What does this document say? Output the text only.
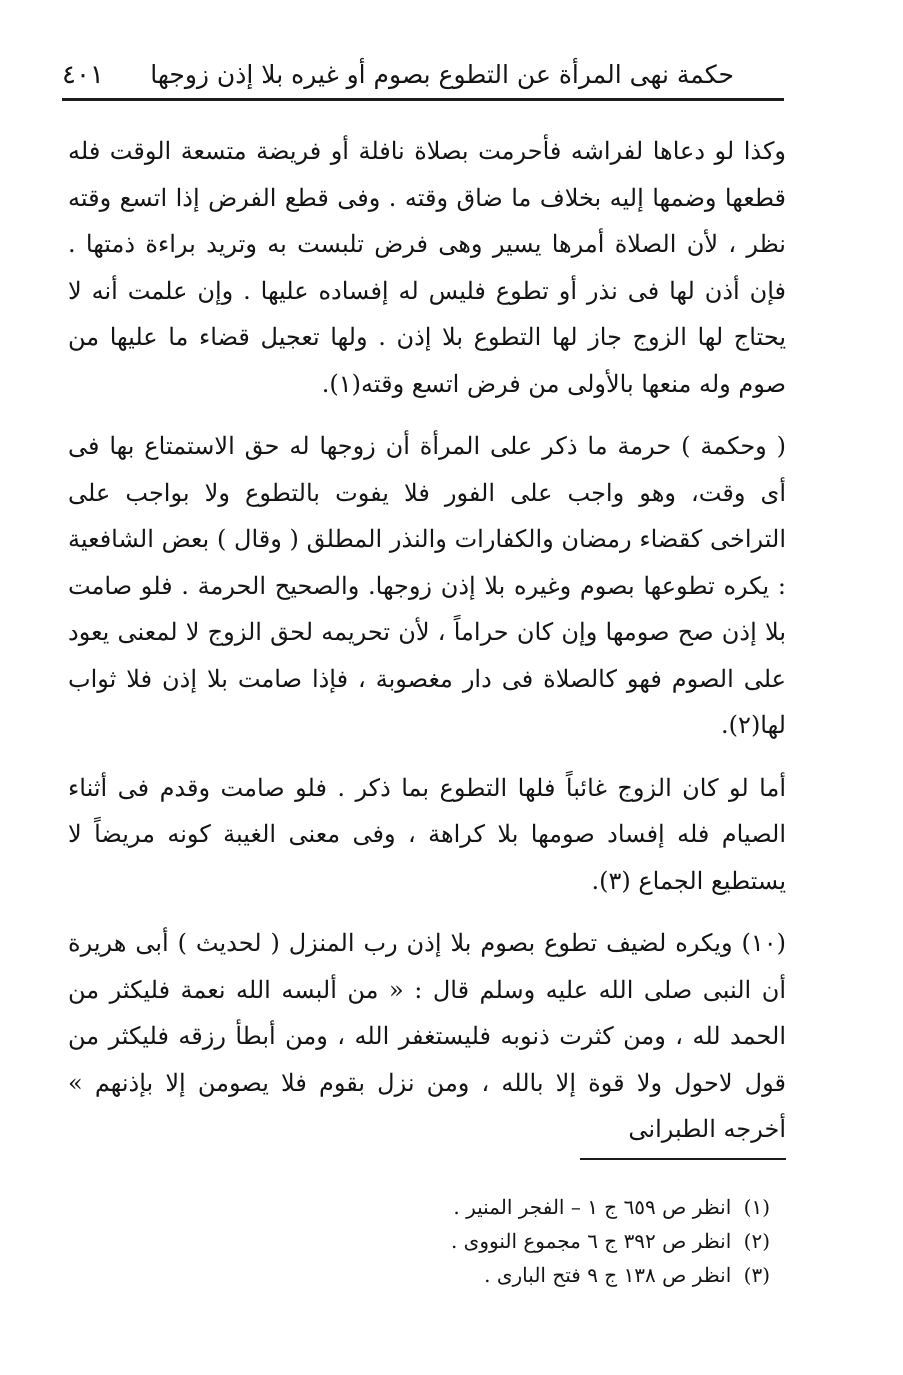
حكمة نهى المرأة عن التطوع بصوم أو غيره بلا إذن زوجها
٤٠١

وكذا لو دعاها لفراشه فأحرمت بصلاة نافلة أو فريضة متسعة الوقت فله قطعها وضمها إليه بخلاف ما ضاق وقته . وفى قطع الفرض إذا اتسع وقته نظر ، لأن الصلاة أمرها يسير وهى فرض تلبست به وتريد براءة ذمتها . فإن أذن لها فى نذر أو تطوع فليس له إفساده عليها . وإن علمت أنه لا يحتاج لها الزوج جاز لها التطوع بلا إذن . ولها تعجيل قضاء ما عليها من صوم وله منعها بالأولى من فرض اتسع وقته(١).

( وحكمة ) حرمة ما ذكر على المرأة أن زوجها له حق الاستمتاع بها فى أى وقت، وهو واجب على الفور فلا يفوت بالتطوع ولا بواجب على التراخى كقضاء رمضان والكفارات والنذر المطلق ( وقال ) بعض الشافعية : يكره تطوعها بصوم وغيره بلا إذن زوجها. والصحيح الحرمة . فلو صامت بلا إذن صح صومها وإن كان حراماً ، لأن تحريمه لحق الزوج لا لمعنى يعود على الصوم فهو كالصلاة فى دار مغصوبة ، فإذا صامت بلا إذن فلا ثواب لها(٢).

أما لو كان الزوج غائباً فلها التطوع بما ذكر . فلو صامت وقدم فى أثناء الصيام فله إفساد صومها بلا كراهة ، وفى معنى الغيبة كونه مريضاً لا يستطيع الجماع (٣).

(١٠) ويكره لضيف تطوع بصوم بلا إذن رب المنزل ( لحديث ) أبى هريرة أن النبى صلى الله عليه وسلم قال : « من ألبسه الله نعمة فليكثر من الحمد لله ، ومن كثرت ذنوبه فليستغفر الله ، ومن أبطأ رزقه فليكثر من قول لاحول ولا قوة إلا بالله ، ومن نزل بقوم فلا يصومن إلا بإذنهم » أخرجه الطبرانى

(١) انظر ص ٦٥٩ ج ١ – الفجر المنير .
(٢) انظر ص ٣٩٢ ج ٦ مجموع النووى .
(٣) انظر ص ١٣٨ ج ٩ فتح البارى .
